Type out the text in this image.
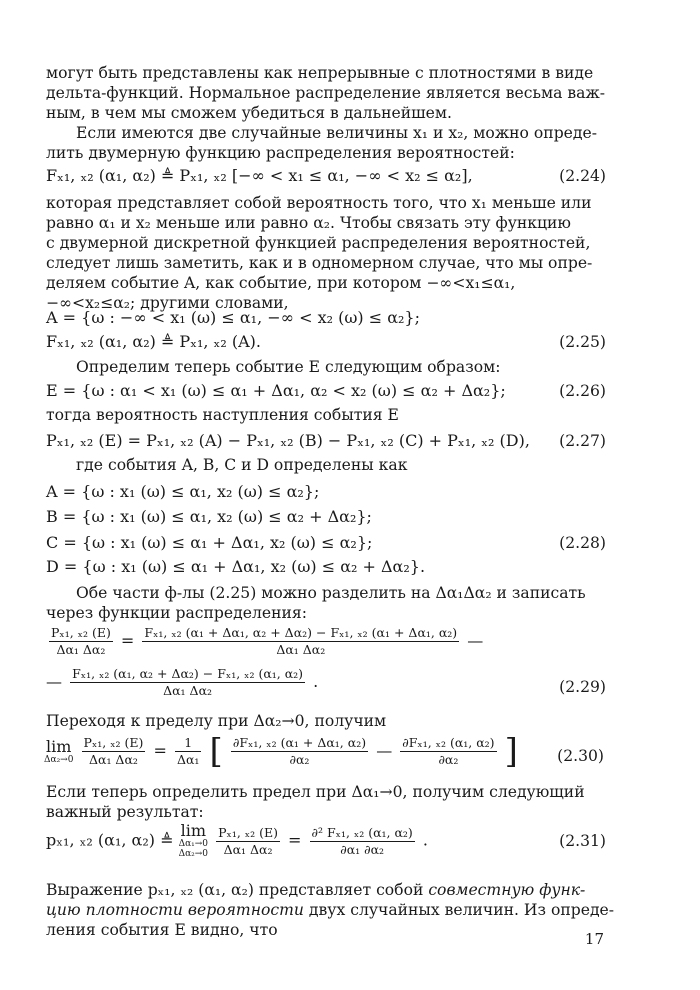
могут быть представлены как непрерывные с плотностями в виде
дельта-функций. Нормальное распределение является весьма важ-
ным, в чем мы сможем убедиться в дальнейшем.
Если имеются две случайные величины x₁ и x₂, можно опреде-
лить двумерную функцию распределения вероятностей:
Fₓ₁, ₓ₂ (α₁, α₂) ≜ Pₓ₁, ₓ₂ [−∞ < x₁ ≤ α₁, −∞ < x₂ ≤ α₂],	(2.24)
которая представляет собой вероятность того, что x₁ меньше или
равно α₁ и x₂ меньше или равно α₂. Чтобы связать эту функцию
с двумерной дискретной функцией распределения вероятностей,
следует лишь заметить, как и в одномерном случае, что мы опре-
деляем событие A, как событие, при котором −∞<x₁≤α₁,
−∞<x₂≤α₂; другими словами,
A = {ω : −∞ < x₁ (ω) ≤ α₁, −∞ < x₂ (ω) ≤ α₂};
Fₓ₁, ₓ₂ (α₁, α₂) ≜ Pₓ₁, ₓ₂ (A).	(2.25)
Определим теперь событие E следующим образом:
E = {ω : α₁ < x₁ (ω) ≤ α₁ + Δα₁, α₂ < x₂ (ω) ≤ α₂ + Δα₂};	(2.26)
тогда вероятность наступления события E
Pₓ₁, ₓ₂ (E) = Pₓ₁, ₓ₂ (A) − Pₓ₁, ₓ₂ (B) − Pₓ₁, ₓ₂ (C) + Pₓ₁, ₓ₂ (D),	(2.27)
где события A, B, C и D определены как
A = {ω : x₁ (ω) ≤ α₁, x₂ (ω) ≤ α₂};
B = {ω : x₁ (ω) ≤ α₁, x₂ (ω) ≤ α₂ + Δα₂};
C = {ω : x₁ (ω) ≤ α₁ + Δα₁, x₂ (ω) ≤ α₂};	(2.28)
D = {ω : x₁ (ω) ≤ α₁ + Δα₁, x₂ (ω) ≤ α₂ + Δα₂}.
Обе части ф-лы (2.25) можно разделить на Δα₁Δα₂ и записать
через функции распределения:
$\frac{\text{Pₓ₁, ₓ₂ (E)}}{\text{Δα₁ Δα₂}} = \frac{\text{Fₓ₁, ₓ₂ (α₁ + Δα₁, α₂ + Δα₂) − Fₓ₁, ₓ₂ (α₁ + Δα₁, α₂)}}{\text{Δα₁ Δα₂}}$ —
— $\frac{\text{Fₓ₁, ₓ₂ (α₁, α₂ + Δα₂) − Fₓ₁, ₓ₂ (α₁, α₂)}}{\text{Δα₁ Δα₂}}$ .	(2.29)
Переходя к пределу при Δα₂→0, получим
lim
Δα₂→0
$\frac{\text{Pₓ₁, ₓ₂ (E)}}{\text{Δα₁ Δα₂}} = \frac{1}{\text{Δα₁}}$ [ $\frac{\text{∂Fₓ₁, ₓ₂ (α₁ + Δα₁, α₂)}}{\text{∂α₂}}$ — $\frac{\text{∂Fₓ₁, ₓ₂ (α₁, α₂)}}{\text{∂α₂}}$ ]	(2.30)
Если теперь определить предел при Δα₁→0, получим следующий
важный результат:
pₓ₁, ₓ₂ (α₁, α₂) ≜ lim
Δα₁→0
Δα₂→0
$\frac{\text{Pₓ₁, ₓ₂ (E)}}{\text{Δα₁ Δα₂}} = \frac{\text{∂² Fₓ₁, ₓ₂ (α₁, α₂)}}{\text{∂α₁ ∂α₂}}$ .	(2.31)
Выражение pₓ₁, ₓ₂ (α₁, α₂) представляет собой совместную функ-
цию плотности вероятности двух случайных величин. Из опреде-
ления события E видно, что	17
